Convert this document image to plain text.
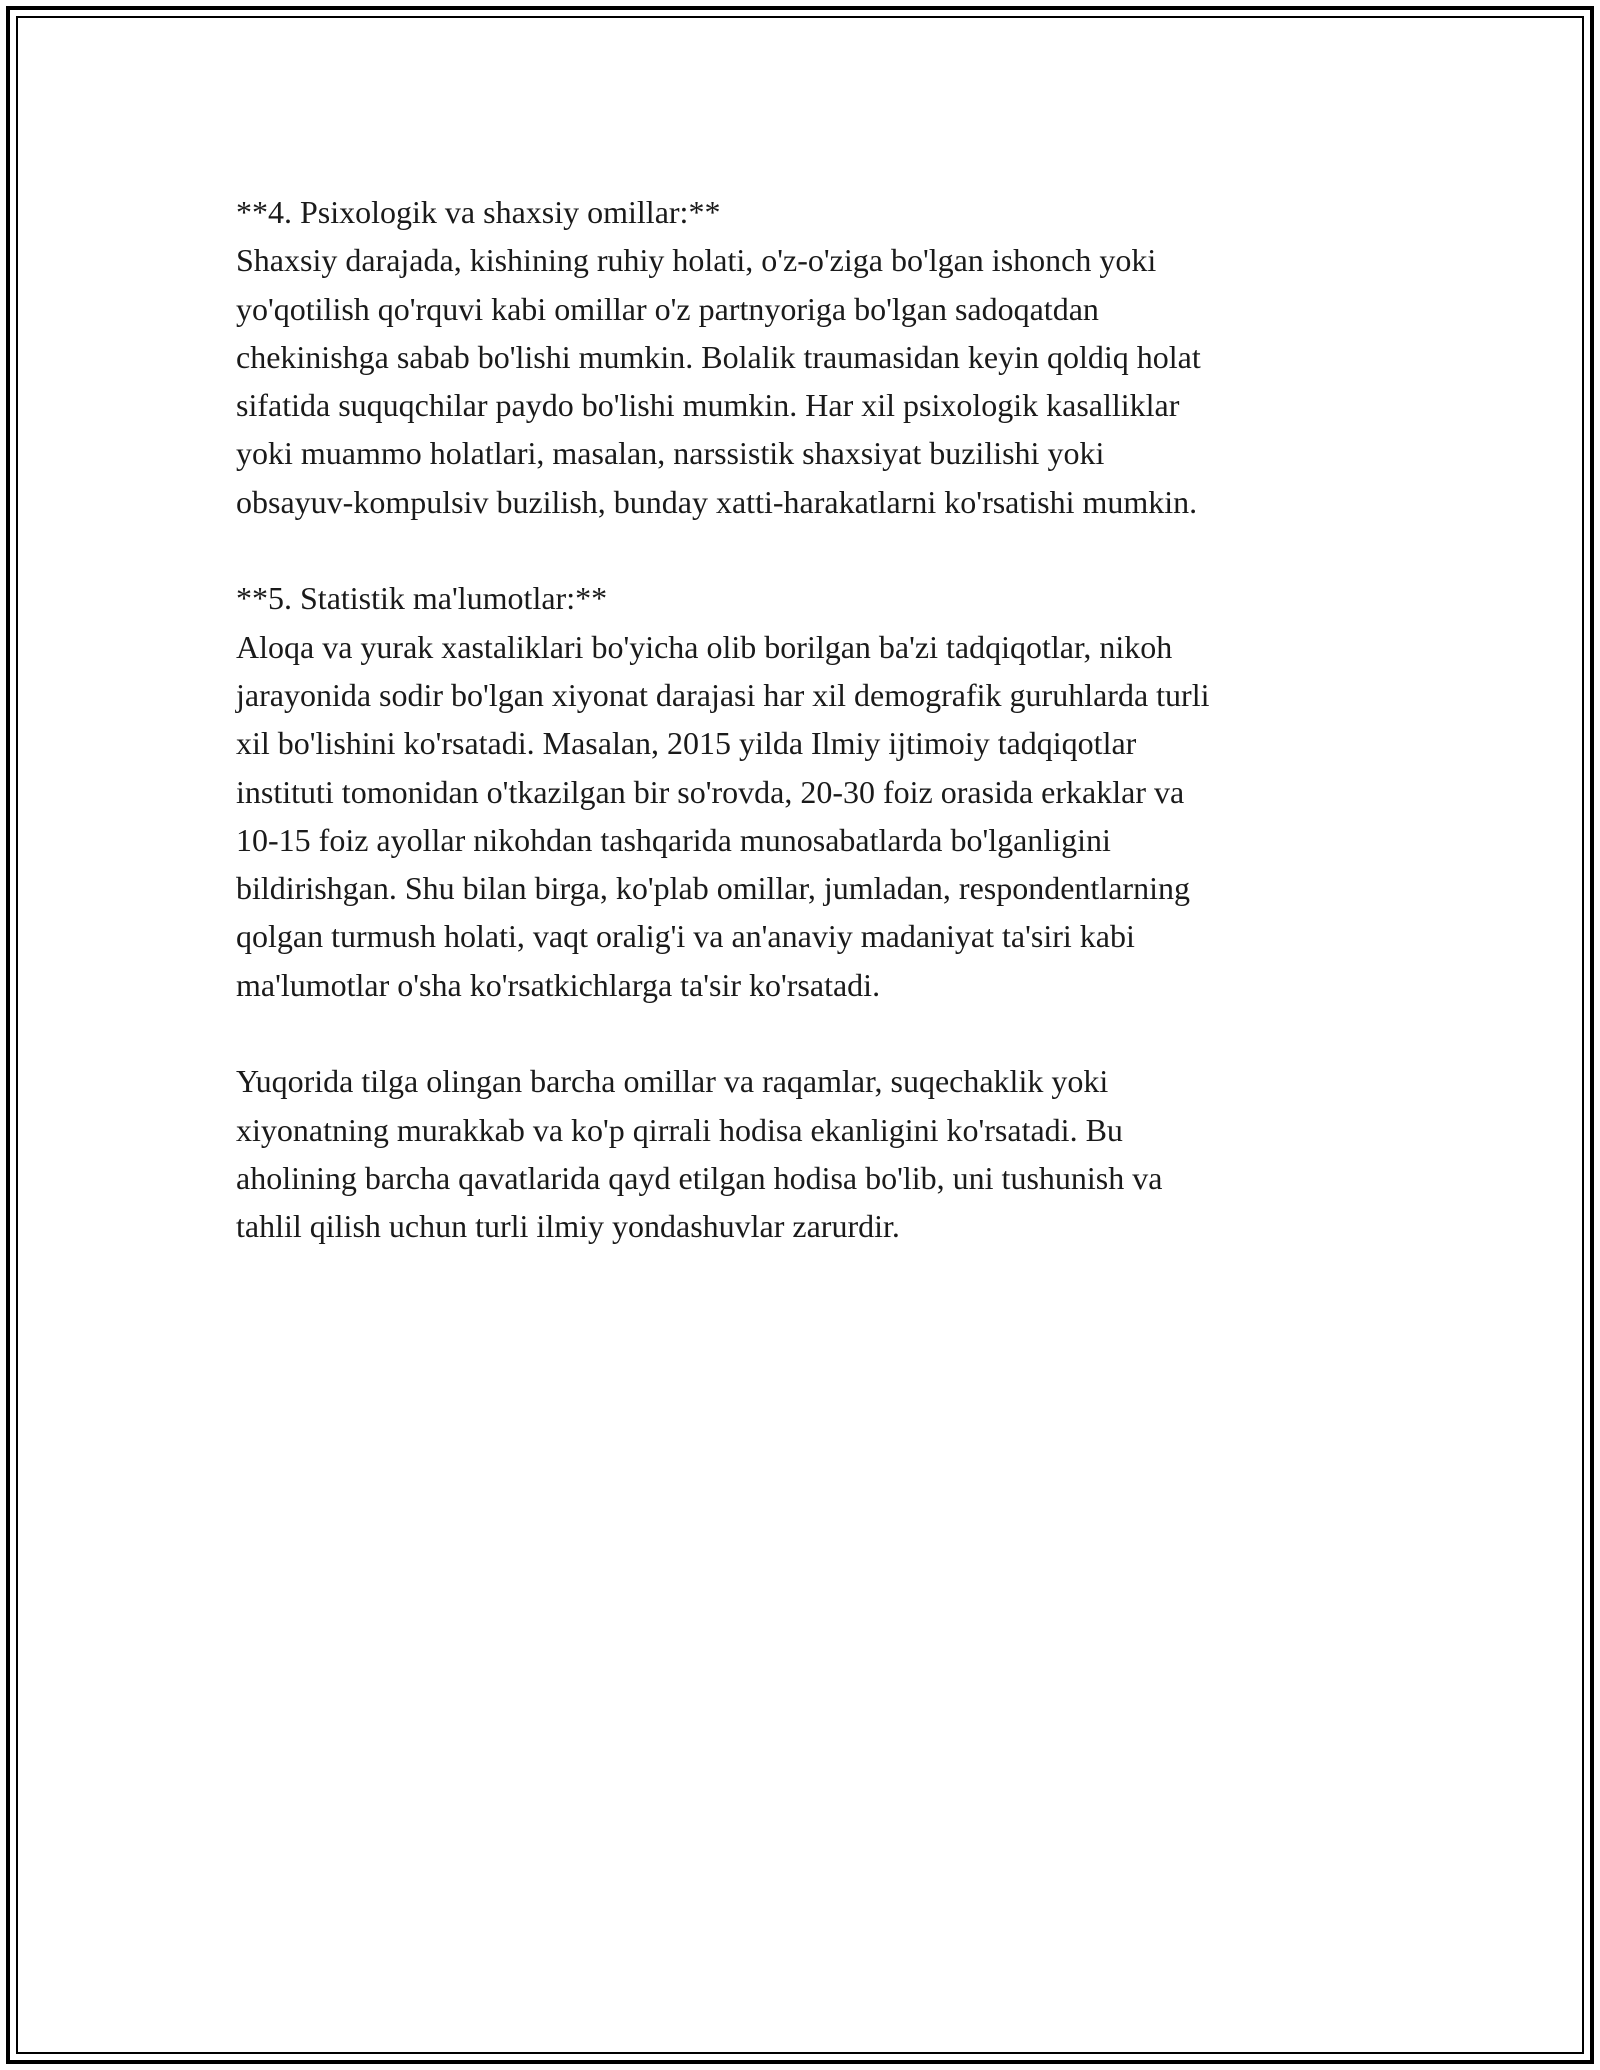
**4. Psixologik va shaxsiy omillar:**
Shaxsiy darajada, kishining ruhiy holati, o'z-o'ziga bo'lgan ishonch yoki
yo'qotilish qo'rquvi kabi omillar o'z partnyoriga bo'lgan sadoqatdan
chekinishga sabab bo'lishi mumkin. Bolalik traumasidan keyin qoldiq holat
sifatida suquqchilar paydo bo'lishi mumkin. Har xil psixologik kasalliklar
yoki muammo holatlari, masalan, narssistik shaxsiyat buzilishi yoki
obsayuv-kompulsiv buzilish, bunday xatti-harakatlarni ko'rsatishi mumkin.
**5. Statistik ma'lumotlar:**
Aloqa va yurak xastaliklari bo'yicha olib borilgan ba'zi tadqiqotlar, nikoh
jarayonida sodir bo'lgan xiyonat darajasi har xil demografik guruhlarda turli
xil bo'lishini ko'rsatadi. Masalan, 2015 yilda Ilmiy ijtimoiy tadqiqotlar
instituti tomonidan o'tkazilgan bir so'rovda, 20-30 foiz orasida erkaklar va
10-15 foiz ayollar nikohdan tashqarida munosabatlarda bo'lganligini
bildirishgan. Shu bilan birga, ko'plab omillar, jumladan, respondentlarning
qolgan turmush holati, vaqt oralig'i va an'anaviy madaniyat ta'siri kabi
ma'lumotlar o'sha ko'rsatkichlarga ta'sir ko'rsatadi.
Yuqorida tilga olingan barcha omillar va raqamlar, suqechaklik yoki
xiyonatning murakkab va ko'p qirrali hodisa ekanligini ko'rsatadi. Bu
aholining barcha qavatlarida qayd etilgan hodisa bo'lib, uni tushunish va
tahlil qilish uchun turli ilmiy yondashuvlar zarurdir.
